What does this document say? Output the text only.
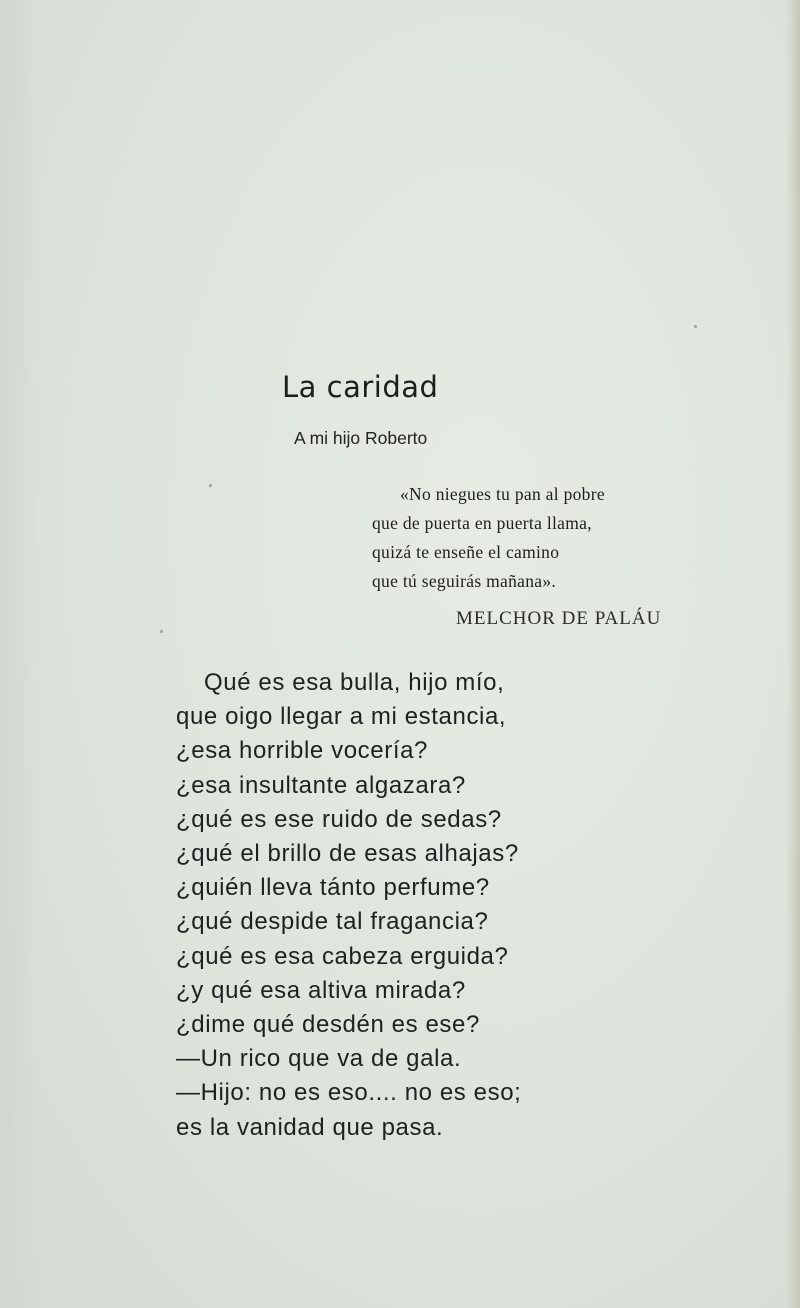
La caridad
A mi hijo Roberto
«No niegues tu pan al pobre
que de puerta en puerta llama,
quizá te enseñe el camino
que tú seguirás mañana».
MELCHOR DE PALÁU
Qué es esa bulla, hijo mío,
que oigo llegar a mi estancia,
¿esa horrible vocería?
¿esa insultante algazara?
¿qué es ese ruido de sedas?
¿qué el brillo de esas alhajas?
¿quién lleva tánto perfume?
¿qué despide tal fragancia?
¿qué es esa cabeza erguida?
¿y qué esa altiva mirada?
¿dime qué desdén es ese?
—Un rico que va de gala.
—Hijo: no es eso.... no es eso;
es la vanidad que pasa.
